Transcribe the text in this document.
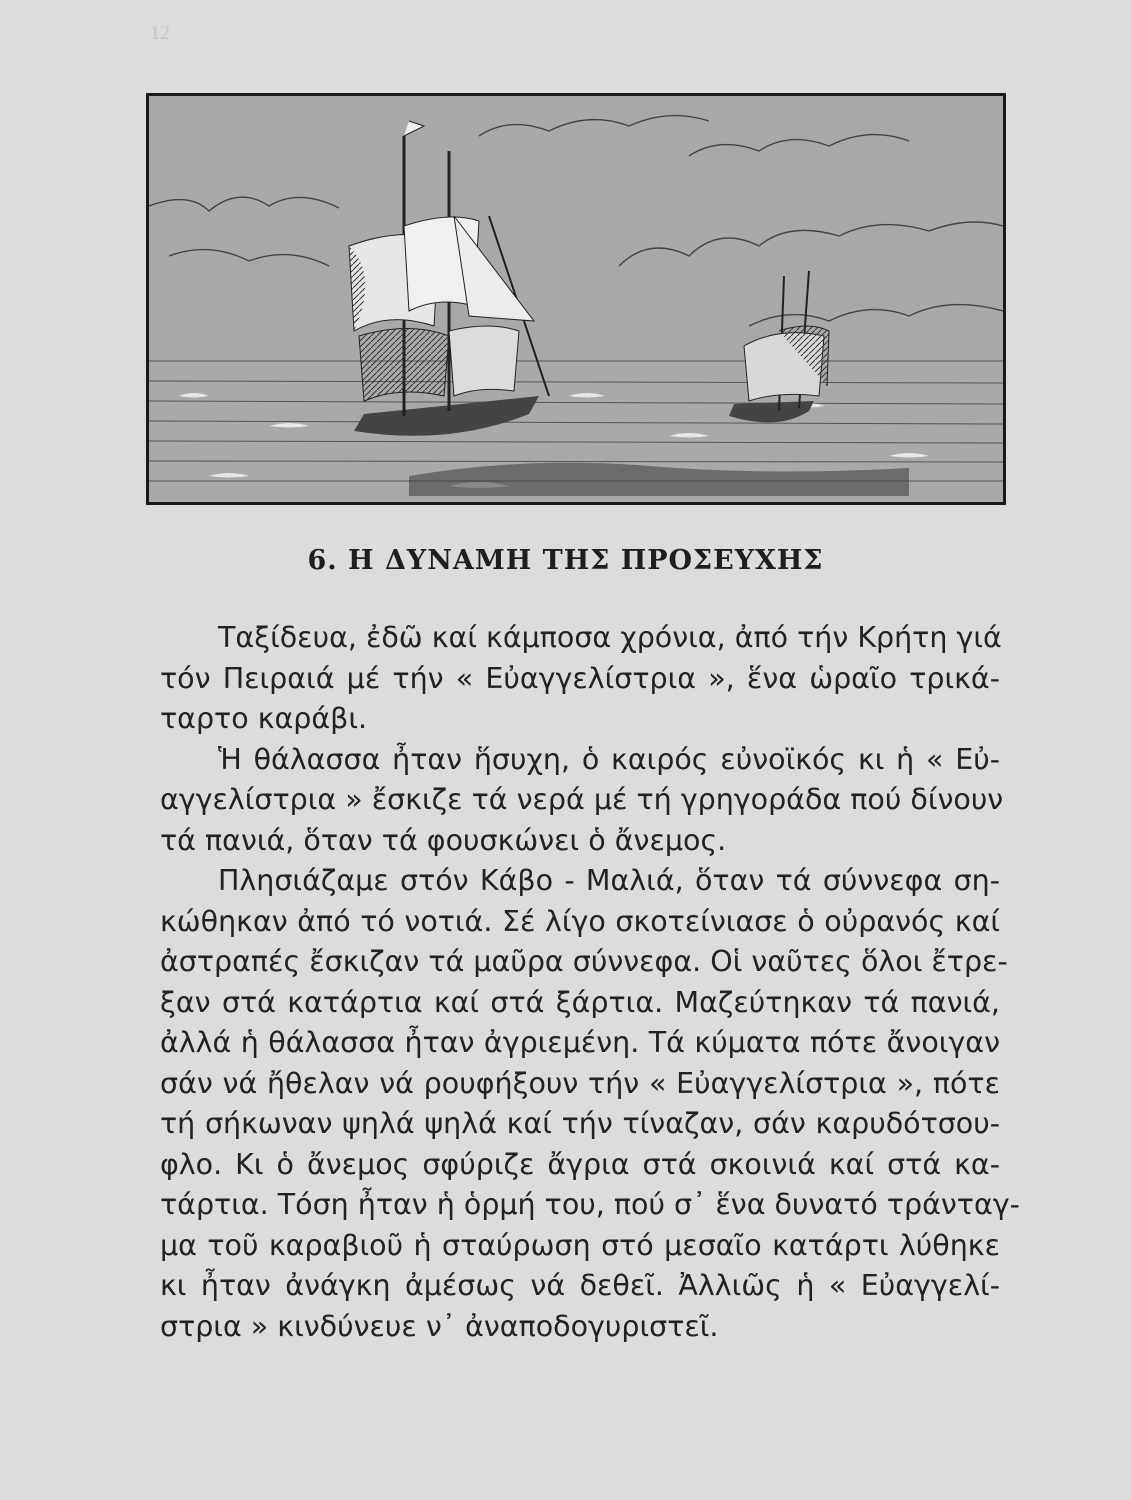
12
6. Η ΔΥΝΑΜΗ ΤΗΣ ΠΡΟΣΕΥΧΗΣ
Ταξίδευα, ἐδῶ καί κάμποσα χρόνια, ἀπό τήν Κρήτη γιά
τόν Πειραιά μέ τήν « Εὐαγγελίστρια », ἕνα ὡραῖο τρικά-
ταρτο καράβι.
Ἡ θάλασσα ἦταν ἥσυχη, ὁ καιρός εὐνοϊκός κι ἡ « Εὐ-
αγγελίστρια » ἔσκιζε τά νερά μέ τή γρηγοράδα πού δίνουν
τά πανιά, ὅταν τά φουσκώνει ὁ ἄνεμος.
Πλησιάζαμε στόν Κάβο - Μαλιά, ὅταν τά σύννεφα ση-
κώθηκαν ἀπό τό νοτιά. Σέ λίγο σκοτείνιασε ὁ οὐρανός καί
ἀστραπές ἔσκιζαν τά μαῦρα σύννεφα. Οἱ ναῦτες ὅλοι ἔτρε-
ξαν στά κατάρτια καί στά ξάρτια. Μαζεύτηκαν τά πανιά,
ἀλλά ἡ θάλασσα ἦταν ἀγριεμένη. Τά κύματα πότε ἄνοιγαν
σάν νά ἤθελαν νά ρουφήξουν τήν « Εὐαγγελίστρια », πότε
τή σήκωναν ψηλά ψηλά καί τήν τίναζαν, σάν καρυδότσου-
φλο. Κι ὁ ἄνεμος σφύριζε ἄγρια στά σκοινιά καί στά κα-
τάρτια. Τόση ἦταν ἡ ὁρμή του, πού σ᾿ ἕνα δυνατό τράνταγ-
μα τοῦ καραβιοῦ ἡ σταύρωση στό μεσαῖο κατάρτι λύθηκε
κι ἦταν ἀνάγκη ἀμέσως νά δεθεῖ. Ἀλλιῶς ἡ « Εὐαγγελί-
στρια » κινδύνευε ν᾿ ἀναποδογυριστεῖ.
